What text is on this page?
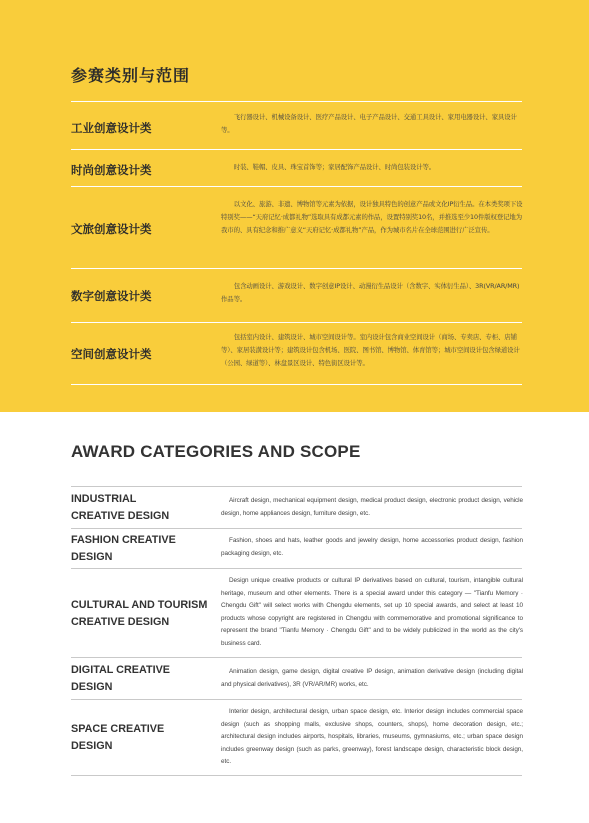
参赛类别与范围
工业创意设计类
飞行器设计、机械设备设计、医疗产品设计、电子产品设计、交通工具设计、家用电器设计、家具设计等。
时尚创意设计类	时装、鞋帽、皮具、珠宝首饰等；家居配饰产品设计、时尚包装设计等。
文旅创意设计类
以文化、旅游、非遗、博物馆等元素为依据，设计独具特色的创意产品或文化IP衍生品。在本类奖项下设特别奖——“天府记忆·成都礼物”选取具有成都元素的作品，设置特别奖10名，并推选至少10件版权登记地为我市的、具有纪念和推广意义“天府记忆·成都礼物”产品，作为城市名片在全球范围进行广泛宣传。
数字创意设计类
包含动画设计、游戏设计、数字创意IP设计、动漫衍生品设计（含数字、实体衍生品）、3R(VR/AR/MR)作品等。
空间创意设计类
包括室内设计、建筑设计、城市空间设计等。室内设计包含商业空间设计（商场、专卖店、专柜、店铺等）、家居装潢设计等；建筑设计包含机场、医院、图书馆、博物馆、体育馆等；城市空间设计包含绿道设计（公园、绿道等）、林盘景区设计、特色街区设计等。
AWARD CATEGORIES AND SCOPE
INDUSTRIAL CREATIVE DESIGN
Aircraft design, mechanical equipment design, medical product design, electronic product design, vehicle design, home appliances design, furniture design, etc.
FASHION CREATIVE DESIGN
Fashion, shoes and hats, leather goods and jewelry design, home accessories product design, fashion packaging design, etc.
CULTURAL AND TOURISM CREATIVE DESIGN
Design unique creative products or cultural IP derivatives based on cultural, tourism, intangible cultural heritage, museum and other elements. There is a special award under this category — "Tianfu Memory · Chengdu Gift" will select works with Chengdu elements, set up 10 special awards, and select at least 10 products whose copyright are registered in Chengdu with commemorative and promotional significance to represent the brand "Tianfu Memory · Chengdu Gift" and to be widely publicized in the world as the city's business card.
DIGITAL CREATIVE DESIGN
Animation design, game design, digital creative IP design, animation derivative design (including digital and physical derivatives), 3R (VR/AR/MR) works, etc.
SPACE CREATIVE DESIGN
Interior design, architectural design, urban space design, etc. Interior design includes commercial space design (such as shopping malls, exclusive shops, counters, shops), home decoration design, etc.; architectural design includes airports, hospitals, libraries, museums, gymnasiums, etc.; urban space design includes greenway design (such as parks, greenway), forest landscape design, characteristic block design, etc.
